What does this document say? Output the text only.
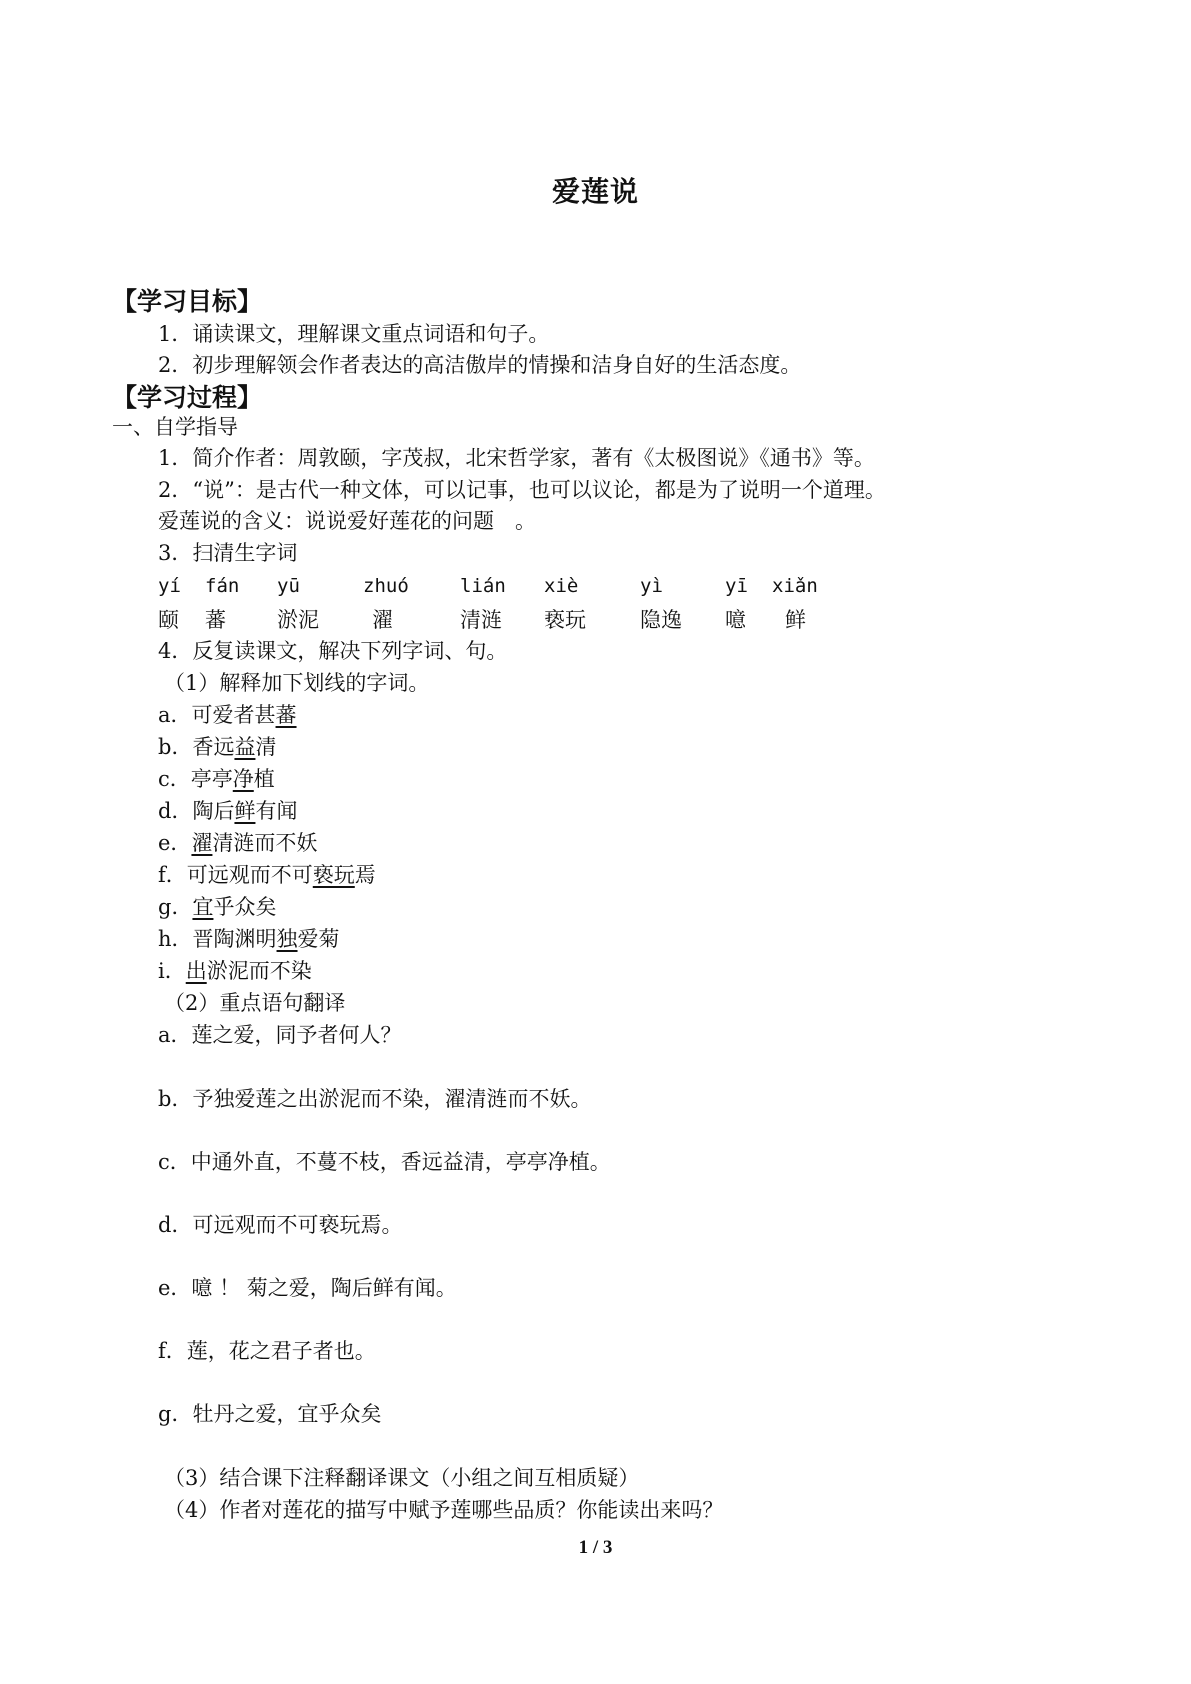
爱莲说
【学习目标】
1．诵读课文，理解课文重点词语和句子。
2．初步理解领会作者表达的高洁傲岸的情操和洁身自好的生活态度。
【学习过程】
一、自学指导
1．简介作者：周敦颐，字茂叔，北宋哲学家，著有《太极图说》《通书》等。
2．“说”：是古代一种文体，可以记事，也可以议论，都是为了说明一个道理。
爱莲说的含义：说说爱好莲花的问题　。
3．扫清生字词
yí
颐
fán
蕃
yū
淤泥
zhuó
濯
lián
清涟
xiè
亵玩
yì
隐逸
yī
噫
xiǎn
鲜
4．反复读课文，解决下列字词、句。
（1）解释加下划线的字词。
a．可爱者甚蕃
b．香远益清
c．亭亭净植
d．陶后鲜有闻
e．濯清涟而不妖
f．可远观而不可亵玩焉
g．宜乎众矣
h．晋陶渊明独爱菊
i．出淤泥而不染
（2）重点语句翻译
a．莲之爱，同予者何人？
b．予独爱莲之出淤泥而不染，濯清涟而不妖。
c．中通外直，不蔓不枝，香远益清，亭亭净植。
d．可远观而不可亵玩焉。
e．噫 ！ 菊之爱，陶后鲜有闻。
f．莲，花之君子者也。
g．牡丹之爱，宜乎众矣
（3）结合课下注释翻译课文（小组之间互相质疑）
（4）作者对莲花的描写中赋予莲哪些品质？你能读出来吗？
1 / 3
